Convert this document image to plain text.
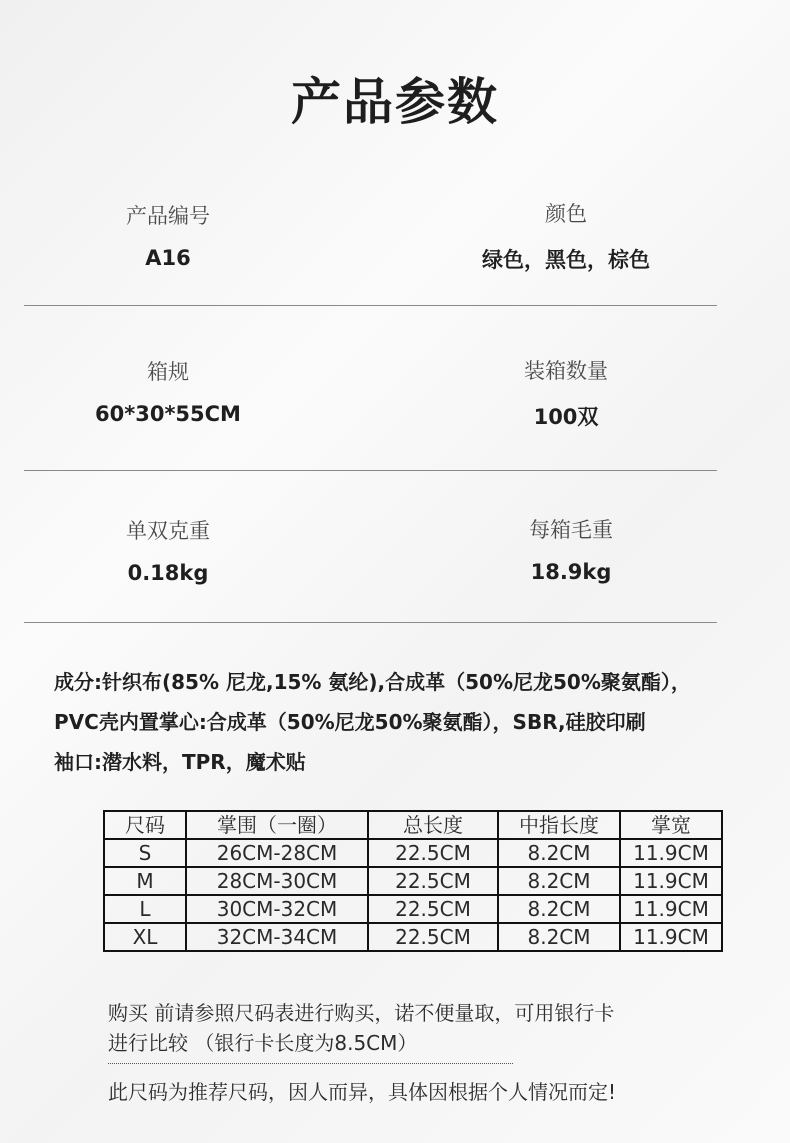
产品参数
产品编号
A16
颜色
绿色，黑色，棕色
箱规
60*30*55CM
装箱数量
100双
单双克重
0.18kg
每箱毛重
18.9kg
成分:针织布(85% 尼龙,15% 氨纶),合成革（50%尼龙50%聚氨酯），
PVC壳内置掌心:合成革（50%尼龙50%聚氨酯），SBR,硅胶印刷
袖口:潜水料，TPR，魔术贴
尺码	掌围（一圈）	总长度	中指长度	掌宽
S	26CM-28CM	22.5CM	8.2CM	11.9CM
M	28CM-30CM	22.5CM	8.2CM	11.9CM
L	30CM-32CM	22.5CM	8.2CM	11.9CM
XL	32CM-34CM	22.5CM	8.2CM	11.9CM
购买 前请参照尺码表进行购买，诺不便量取，可用银行卡
进行比较 （银行卡长度为8.5CM）
此尺码为推荐尺码，因人而异，具体因根据个人情况而定!
